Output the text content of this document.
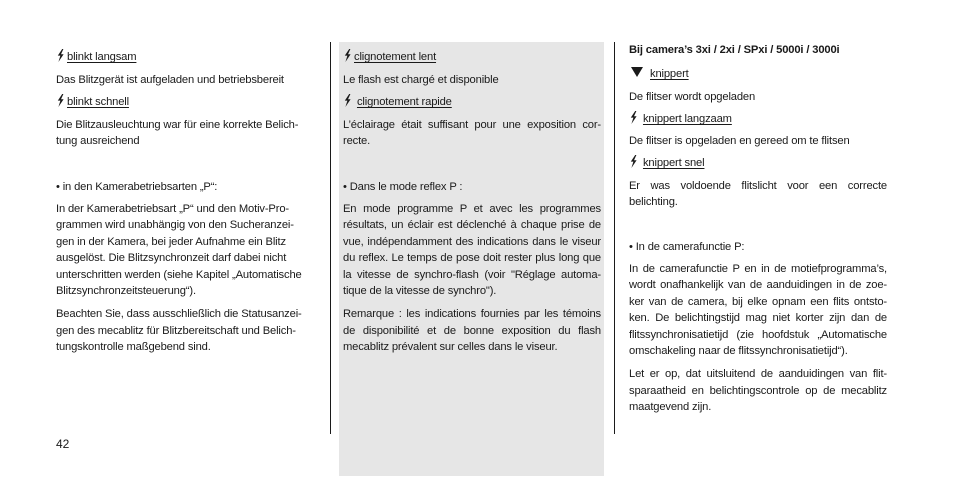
blinkt langsam
Das Blitzgerät ist aufgeladen und betriebsbereit
blinkt schnell
Die Blitzausleuchtung war für eine korrekte Belich-
tung ausreichend
• in den Kamerabetriebsarten „P“:
In der Kamerabetriebsart „P“ und den Motiv-Pro-
grammen wird unabhängig von den Sucheranzei-
gen in der Kamera, bei jeder Aufnahme ein Blitz
ausgelöst. Die Blitzsynchronzeit darf dabei nicht
unterschritten werden (siehe Kapitel „Automatische
Blitzsynchronzeitsteuerung“).
Beachten Sie, dass ausschließlich die Statusanzei-
gen des mecablitz für Blitzbereitschaft und Belich-
tungskontrolle maßgebend sind.
clignotement lent
Le flash est chargé et disponible
clignotement rapide
L’éclairage était suffisant pour une exposition cor-
recte.
• Dans le mode reflex P :
En mode programme P et avec les programmes
résultats, un éclair est déclenché à chaque prise de
vue, indépendamment des indications dans le viseur
du reflex. Le temps de pose doit rester plus long que
la vitesse de synchro-flash (voir "Réglage automa-
tique de la vitesse de synchro").
Remarque : les indications fournies par les témoins
de disponibilité et de bonne exposition du flash
mecablitz prévalent sur celles dans le viseur.
Bij camera’s 3xi / 2xi / SPxi / 5000i / 3000i
knippert
De flitser wordt opgeladen
knippert langzaam
De flitser is opgeladen en gereed om te flitsen
knippert snel
Er was voldoende flitslicht voor een correcte
belichting.
• In de camerafunctie P:
In de camerafunctie P en in de motiefprogramma’s,
wordt onafhankelijk van de aanduidingen in de zoe-
ker van de camera, bij elke opnam een flits ontsto-
ken. De belichtingstijd mag niet korter zijn dan de
flitssynchronisatietijd (zie hoofdstuk „Automatische
omschakeling naar de flitssynchronisatietijd“).
Let er op, dat uitsluitend de aanduidingen van flit-
sparaatheid en belichtingscontrole op de mecablitz
maatgevend zijn.
42
